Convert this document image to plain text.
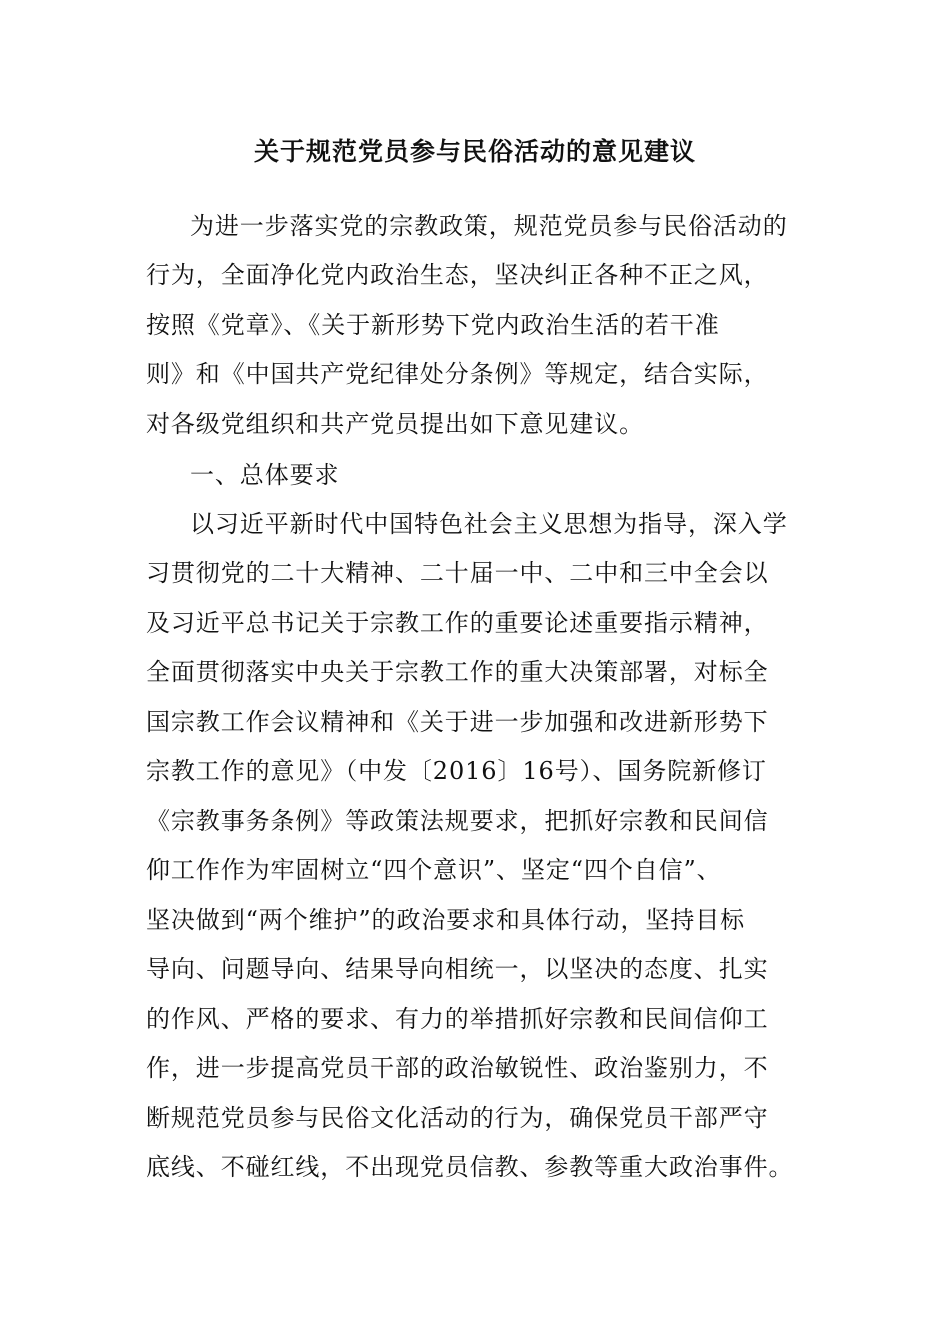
关于规范党员参与民俗活动的意见建议
为进一步落实党的宗教政策，规范党员参与民俗活动的
行为，全面净化党内政治生态，坚决纠正各种不正之风，
按照《党章》、《关于新形势下党内政治生活的若干准
则》和《中国共产党纪律处分条例》等规定，结合实际，
对各级党组织和共产党员提出如下意见建议。
一、总体要求
以习近平新时代中国特色社会主义思想为指导，深入学
习贯彻党的二十大精神、二十届一中、二中和三中全会以
及习近平总书记关于宗教工作的重要论述重要指示精神，
全面贯彻落实中央关于宗教工作的重大决策部署，对标全
国宗教工作会议精神和《关于进一步加强和改进新形势下
宗教工作的意见》（中发〔2016〕16号）、国务院新修订
《宗教事务条例》等政策法规要求，把抓好宗教和民间信
仰工作作为牢固树立“四个意识”、坚定“四个自信”、
坚决做到“两个维护”的政治要求和具体行动，坚持目标
导向、问题导向、结果导向相统一，以坚决的态度、扎实
的作风、严格的要求、有力的举措抓好宗教和民间信仰工
作，进一步提高党员干部的政治敏锐性、政治鉴别力，不
断规范党员参与民俗文化活动的行为，确保党员干部严守
底线、不碰红线，不出现党员信教、参教等重大政治事件。
